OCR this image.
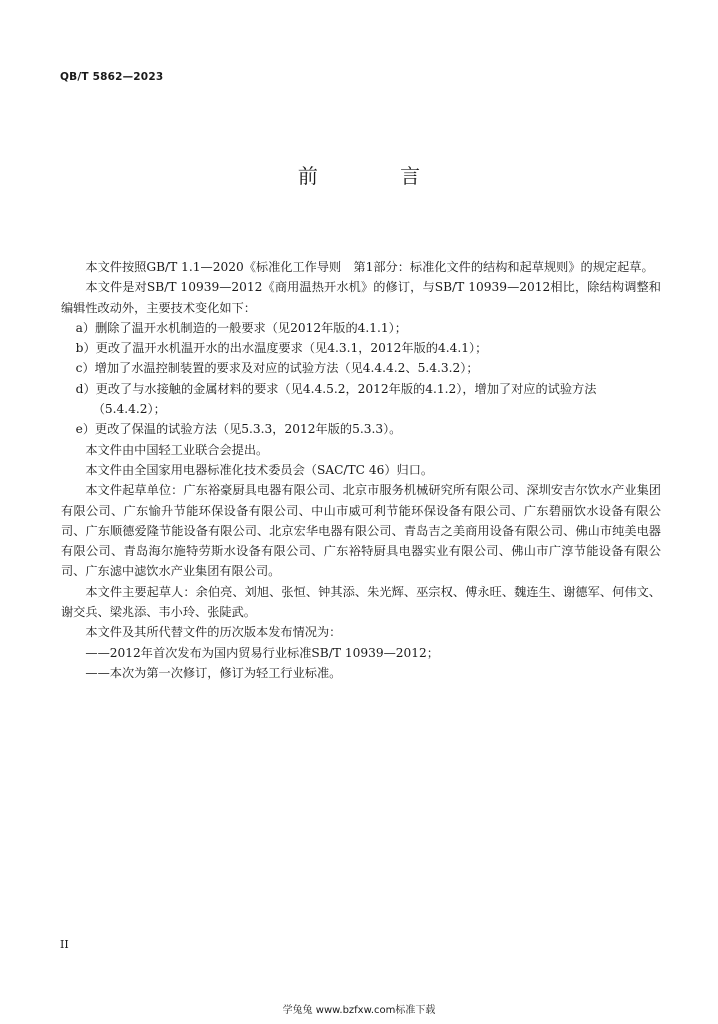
QB/T 5862—2023
前 言

本文件按照GB/T 1.1—2020《标准化工作导则　第1部分：标准化文件的结构和起草规则》的规定起草。

本文件是对SB/T 10939—2012《商用温热开水机》的修订，与SB/T 10939—2012相比，除结构调整和编辑性改动外，主要技术变化如下：

a）删除了温开水机制造的一般要求（见2012年版的4.1.1）；

b）更改了温开水机温开水的出水温度要求（见4.3.1，2012年版的4.4.1）；

c）增加了水温控制装置的要求及对应的试验方法（见4.4.4.2、5.4.3.2）；

d）更改了与水接触的金属材料的要求（见4.4.5.2，2012年版的4.1.2），增加了对应的试验方法（5.4.4.2）；

e）更改了保温的试验方法（见5.3.3，2012年版的5.3.3）。

本文件由中国轻工业联合会提出。

本文件由全国家用电器标准化技术委员会（SAC/TC 46）归口。

本文件起草单位：广东裕豪厨具电器有限公司、北京市服务机械研究所有限公司、深圳安吉尔饮水产业集团有限公司、广东愉升节能环保设备有限公司、中山市威可利节能环保设备有限公司、广东碧丽饮水设备有限公司、广东顺德爱隆节能设备有限公司、北京宏华电器有限公司、青岛吉之美商用设备有限公司、佛山市纯美电器有限公司、青岛海尔施特劳斯水设备有限公司、广东裕特厨具电器实业有限公司、佛山市广淳节能设备有限公司、广东滤中滤饮水产业集团有限公司。

本文件主要起草人：余伯亮、刘旭、张恒、钟其添、朱光辉、巫宗权、傅永旺、魏连生、谢德军、何伟文、谢交兵、梁兆添、韦小玲、张陡武。

本文件及其所代替文件的历次版本发布情况为：

——2012年首次发布为国内贸易行业标准SB/T 10939—2012；

——本次为第一次修订，修订为轻工行业标准。

II
学兔兔 www.bzfxw.com标准下载
